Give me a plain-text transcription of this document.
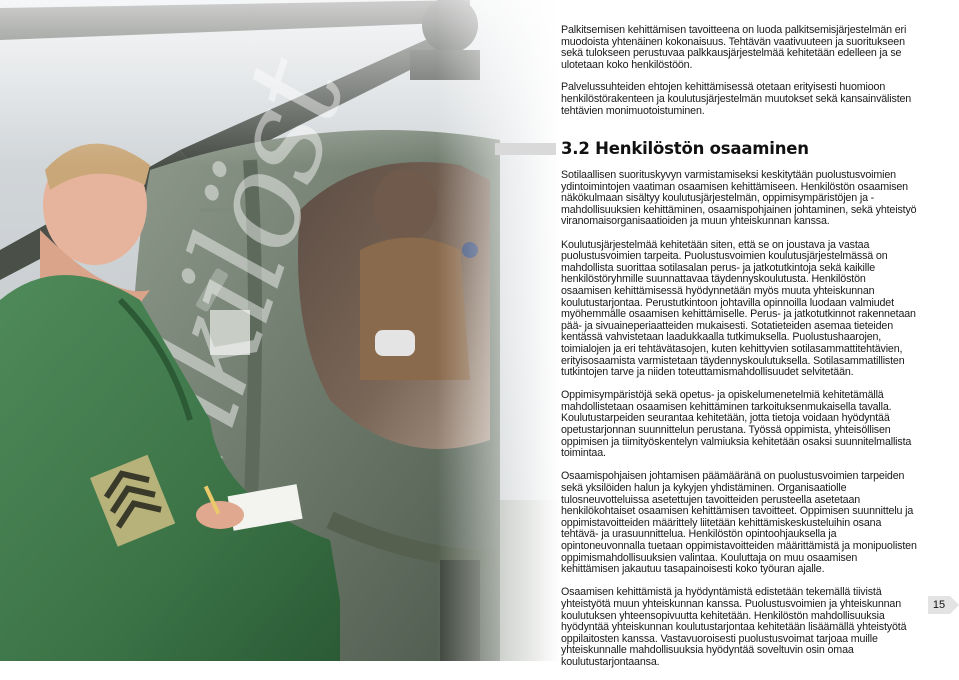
Palkitsemisen kehittämisen tavoitteena on luoda palkitsemisjärjestelmän eri muodoista yhtenäinen kokonaisuus. Tehtävän vaativuuteen ja suoritukseen sekä tulokseen perustuvaa palkkausjärjestelmää kehitetään edelleen ja se ulotetaan koko henkilöstöön.

Palvelussuhteiden ehtojen kehittämisessä otetaan erityisesti huomioon henkilöstörakenteen ja koulutusjärjestelmän muutokset sekä kansainvälisten tehtävien monimuotoistuminen.

3.2 Henkilöstön osaaminen

Sotilaallisen suorituskyvyn varmistamiseksi keskitytään puolustusvoimien ydintoimintojen vaatiman osaamisen kehittämiseen. Henkilöstön osaamisen näkökulmaan sisältyy koulutusjärjestelmän, oppimisympäristöjen ja -mahdollisuuksien kehittäminen, osaamispohjainen johtaminen, sekä yhteistyö viranomaisorganisaatioiden ja muun yhteiskunnan kanssa.

Koulutusjärjestelmää kehitetään siten, että se on joustava ja vastaa puolustusvoimien tarpeita. Puolustusvoimien koulutusjärjestelmässä on mahdollista suorittaa sotilasalan perus- ja jatkotutkintoja sekä kaikille henkilöstöryhmille suunnattavaa täydennyskoulutusta. Henkilöstön osaamisen kehittämisessä hyödynnetään myös muuta yhteiskunnan koulutustarjontaa. Perustutkintoon johtavilla opinnoilla luodaan valmiudet myöhemmälle osaamisen kehittämiselle. Perus- ja jatkotutkinnot rakennetaan pää- ja sivuaineperiaatteiden mukaisesti. Sotatieteiden asemaa tieteiden kentässä vahvistetaan laadukkaalla tutkimuksella. Puolustushaarojen, toimialojen ja eri tehtävätasojen, kuten kehittyvien sotilasammattitehtävien, erityisosaamista varmistetaan täydennyskoulutuksella. Sotilasammatillisten tutkintojen tarve ja niiden toteuttamismahdollisuudet selvitetään.

Oppimisympäristöjä sekä opetus- ja opiskelumenetelmiä kehitetämällä mahdollistetaan osaamisen kehittäminen tarkoituksenmukaisella tavalla. Koulutustarpeiden seurantaa kehitetään, jotta tietoja voidaan hyödyntää opetustarjonnan suunnittelun perustana. Työssä oppimista, yhteisöllisen oppimisen ja tiimityöskentelyn valmiuksia kehitetään osaksi suunnitelmallista toimintaa.

Osaamispohjaisen johtamisen päämääränä on puolustusvoimien tarpeiden sekä yksilöiden halun ja kykyjen yhdistäminen. Organisaatiolle tulosneuvotteluissa asetettujen tavoitteiden perusteella asetetaan henkilökohtaiset osaamisen kehittämisen tavoitteet. Oppimisen suunnittelu ja oppimistavoitteiden määrittely liitetään kehittämiskeskusteluihin osana tehtävä- ja urasuunnittelua. Henkilöstön opintoohjauksella ja opintoneuvonnalla tuetaan oppimistavoitteiden määrittämistä ja monipuolisten oppimismahdollisuuksien valintaa. Kouluttaja on muu osaamisen kehittämisen jakautuu tasapainoisesti koko työuran ajalle.

Osaamisen kehittämistä ja hyödyntämistä edistetään tekemällä tiivistä yhteistyötä muun yhteiskunnan kanssa. Puolustusvoimien ja yhteiskunnan koulutuksen yhteensopivuutta kehitetään. Henkilöstön mahdollisuuksia hyödyntää yhteiskunnan koulutustarjontaa kehitetään lisäämällä yhteistyötä oppilaitosten kanssa. Vastavuoroisesti puolustusvoimat tarjoaa muille yhteiskunnalle mahdollisuuksia hyödyntää soveltuvin osin omaa koulutustarjontaansa.

15
